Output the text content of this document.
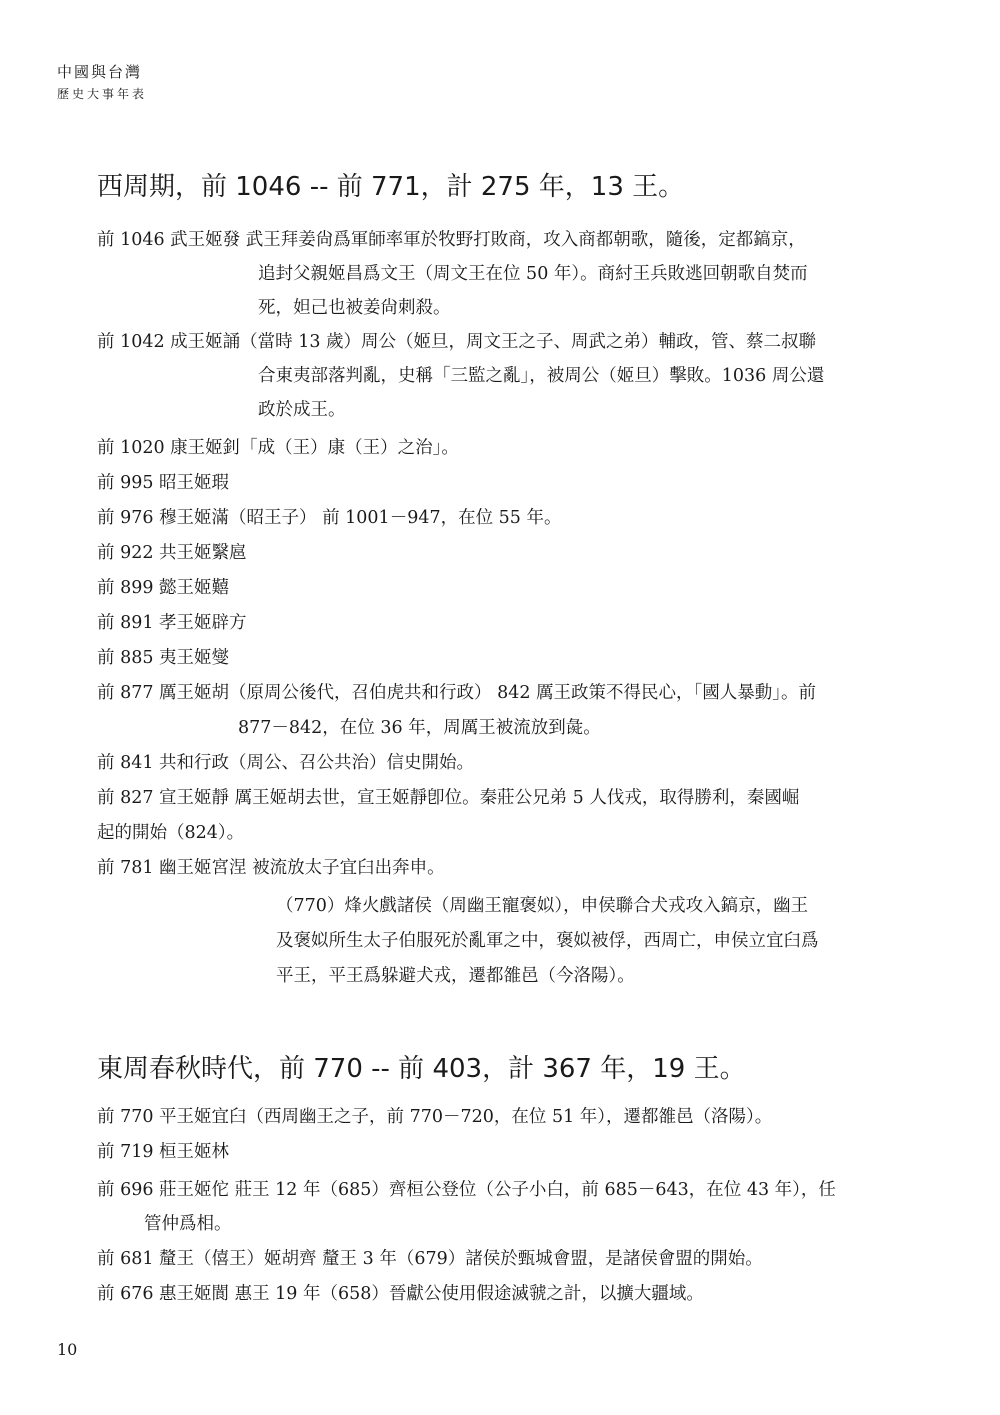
中國與台灣
歷史大事年表
西周期，前 1046 -- 前 771，計 275 年，13 王。
前 1046 武王姬發 武王拜姜尙爲軍師率軍於牧野打敗商，攻入商都朝歌，隨後，定都鎬京，
追封父親姬昌爲文王（周文王在位 50 年）。商紂王兵敗逃回朝歌自焚而
死，妲己也被姜尙刺殺。
前 1042 成王姬誦（當時 13 歲）周公（姬旦，周文王之子、周武之弟）輔政，管、蔡二叔聯
合東夷部落判亂，史稱「三監之亂」，被周公（姬旦）擊敗。1036 周公還
政於成王。
前 1020 康王姬釗「成（王）康（王）之治」。
前 995 昭王姬瑕
前 976 穆王姬滿（昭王子） 前 1001－947，在位 55 年。
前 922 共王姬繄扈
前 899 懿王姬囏
前 891 孝王姬辟方
前 885 夷王姬燮
前 877 厲王姬胡（原周公後代，召伯虎共和行政） 842 厲王政策不得民心，「國人暴動」。前
877－842，在位 36 年，周厲王被流放到彘。
前 841 共和行政（周公、召公共治）信史開始。
前 827 宣王姬靜 厲王姬胡去世，宣王姬靜卽位。秦莊公兄弟 5 人伐戎，取得勝利，秦國崛
起的開始（824）。
前 781 幽王姬宮涅 被流放太子宜臼出奔申。
（770）烽火戲諸侯（周幽王寵褒姒），申侯聯合犬戎攻入鎬京，幽王
及褒姒所生太子伯服死於亂軍之中，褒姒被俘，西周亡，申侯立宜臼爲
平王，平王爲躲避犬戎，遷都雒邑（今洛陽）。
東周春秋時代，前 770 -- 前 403，計 367 年，19 王。
前 770 平王姬宜臼（西周幽王之子，前 770－720，在位 51 年），遷都雒邑（洛陽）。
前 719 桓王姬林
前 696 莊王姬佗 莊王 12 年（685）齊桓公登位（公子小白，前 685－643，在位 43 年），任
管仲爲相。
前 681 釐王（僖王）姬胡齊 釐王 3 年（679）諸侯於甄城會盟，是諸侯會盟的開始。
前 676 惠王姬閬 惠王 19 年（658）晉獻公使用假途滅虢之計，以擴大疆域。
10
